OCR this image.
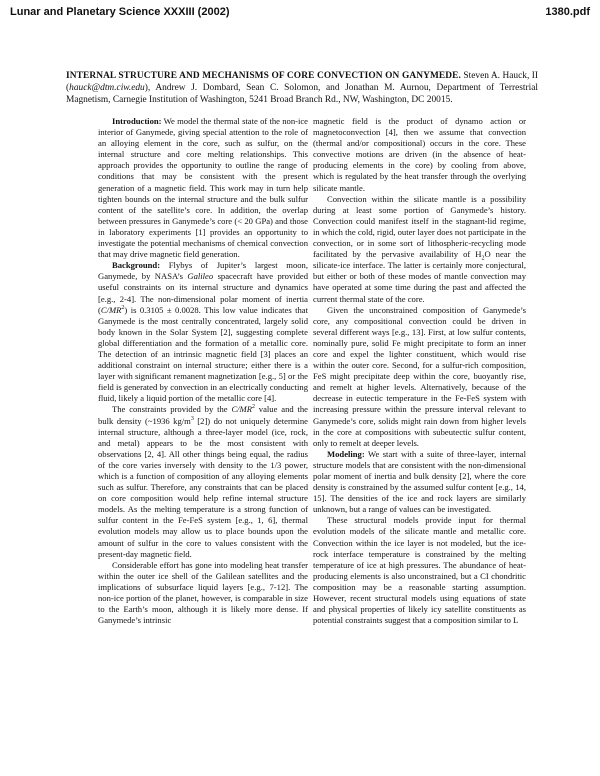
Lunar and Planetary Science XXXIII (2002)	1380.pdf
INTERNAL STRUCTURE AND MECHANISMS OF CORE CONVECTION ON GANYMEDE. Steven A. Hauck, II (hauck@dtm.ciw.edu), Andrew J. Dombard, Sean C. Solomon, and Jonathan M. Aurnou, Department of Terrestrial Magnetism, Carnegie Institution of Washington, 5241 Broad Branch Rd., NW, Washington, DC 20015.

Introduction: We model the thermal state of the non-ice interior of Ganymede, giving special attention to the role of an alloying element in the core, such as sulfur, on the internal structure and core melting relationships. This approach provides the opportunity to outline the range of conditions that may be consistent with the present generation of a magnetic field. This work may in turn help tighten bounds on the internal structure and the bulk sulfur content of the satellite’s core. In addition, the overlap between pressures in Ganymede’s core (< 20 GPa) and those in laboratory experiments [1] provides an opportunity to investigate the potential mechanisms of chemical convection that may drive magnetic field generation.

Background: Flybys of Jupiter’s largest moon, Ganymede, by NASA’s Galileo spacecraft have provided useful constraints on its internal structure and dynamics [e.g., 2-4]. The non-dimensional polar moment of inertia $(C/MR^2)$ is 0.3105 ± 0.0028. This low value indicates that Ganymede is the most centrally concentrated, largely solid body known in the Solar System [2], suggesting complete global differentiation and the formation of a metallic core. The detection of an intrinsic magnetic field [3] places an additional constraint on internal structure; either there is a layer with significant remanent magnetization [e.g., 5] or the field is generated by convection in an electrically conducting fluid, likely a liquid portion of the metallic core [4].

The constraints provided by the $C/MR^2$ value and the bulk density (~1936 $kg/m^3$ [2]) do not uniquely determine internal structure, although a three-layer model (ice, rock, and metal) appears to be the most consistent with observations [2, 4]. All other things being equal, the radius of the core varies inversely with density to the 1/3 power, which is a function of composition of any alloying elements such as sulfur. Therefore, any constraints that can be placed on core composition would help refine internal structure models. As the melting temperature is a strong function of sulfur content in the Fe-FeS system [e.g., 1, 6], thermal evolution models may allow us to place bounds upon the amount of sulfur in the core to values consistent with the present-day magnetic field.

Considerable effort has gone into modeling heat transfer within the outer ice shell of the Galilean satellites and the implications of subsurface liquid layers [e.g., 7-12]. The non-ice portion of the planet, however, is comparable in size to the Earth’s moon, although it is likely more dense. If Ganymede’s intrinsic

magnetic field is the product of dynamo action or magnetoconvection [4], then we assume that convection (thermal and/or compositional) occurs in the core. These convective motions are driven (in the absence of heat-producing elements in the core) by cooling from above, which is regulated by the heat transfer through the overlying silicate mantle.

Convection within the silicate mantle is a possibility during at least some portion of Ganymede’s history. Convection could manifest itself in the stagnant-lid regime, in which the cold, rigid, outer layer does not participate in the convection, or in some sort of lithospheric-recycling mode facilitated by the pervasive availability of $H_2O$ near the silicate-ice interface. The latter is certainly more conjectural, but either or both of these modes of mantle convection may have operated at some time during the past and affected the current thermal state of the core.

Given the unconstrained composition of Ganymede’s core, any compositional convection could be driven in several different ways [e.g., 13]. First, at low sulfur contents, nominally pure, solid Fe might precipitate to form an inner core and expel the lighter constituent, which would rise within the outer core. Second, for a sulfur-rich composition, FeS might precipitate deep within the core, buoyantly rise, and remelt at higher levels. Alternatively, because of the decrease in eutectic temperature in the Fe-FeS system with increasing pressure within the pressure interval relevant to Ganymede’s core, solids might rain down from higher levels in the core at compositions with subeutectic sulfur content, only to remelt at deeper levels.

Modeling: We start with a suite of three-layer, internal structure models that are consistent with the non-dimensional polar moment of inertia and bulk density [2], where the core density is constrained by the assumed sulfur content [e.g., 14, 15]. The densities of the ice and rock layers are similarly unknown, but a range of values can be investigated.

These structural models provide input for thermal evolution models of the silicate mantle and metallic core. Convection within the ice layer is not modeled, but the ice-rock interface temperature is constrained by the melting temperature of ice at high pressures. The abundance of heat-producing elements is also unconstrained, but a CI chondritic composition may be a reasonable starting assumption. However, recent structural models using equations of state and physical properties of likely icy satellite constituents as potential constraints suggest that a composition similar to L
